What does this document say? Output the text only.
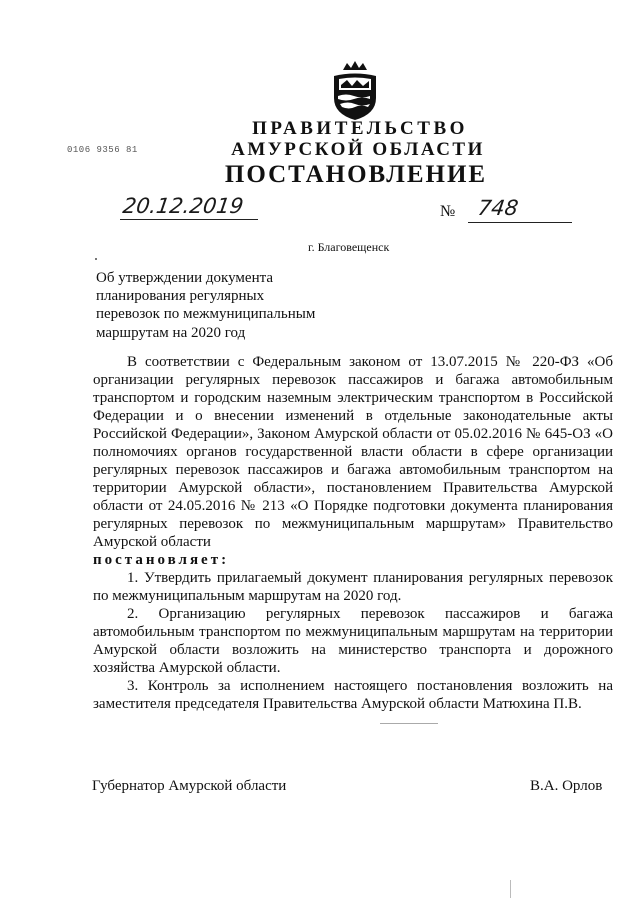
0106 9356 81
ПРАВИТЕЛЬСТВО
АМУРСКОЙ ОБЛАСТИ
ПОСТАНОВЛЕНИЕ
20.12.2019	№ 748
г. Благовещенск
Об утверждении документа
планирования регулярных
перевозок по межмуниципальным
маршрутам на 2020 год

В соответствии с Федеральным законом от 13.07.2015 № 220-ФЗ «Об организации регулярных перевозок пассажиров и багажа автомобильным транспортом и городским наземным электрическим транспортом в Российской Федерации и о внесении изменений в отдельные законодательные акты Российской Федерации», Законом Амурской области от 05.02.2016 № 645-ОЗ «О полномочиях органов государственной власти области в сфере организации регулярных перевозок пассажиров и багажа автомобильным транспортом на территории Амурской области», постановлением Правительства Амурской области от 24.05.2016 № 213 «О Порядке подготовки документа планирования регулярных перевозок по межмуниципальным маршрутам» Правительство Амурской области

постановляет:

1. Утвердить прилагаемый документ планирования регулярных перевозок по межмуниципальным маршрутам на 2020 год.

2. Организацию регулярных перевозок пассажиров и багажа автомобильным транспортом по межмуниципальным маршрутам на территории Амурской области возложить на министерство транспорта и дорожного хозяйства Амурской области.

3. Контроль за исполнением настоящего постановления возложить на заместителя председателя Правительства Амурской области Матюхина П.В.

Губернатор Амурской области	В.А. Орлов
